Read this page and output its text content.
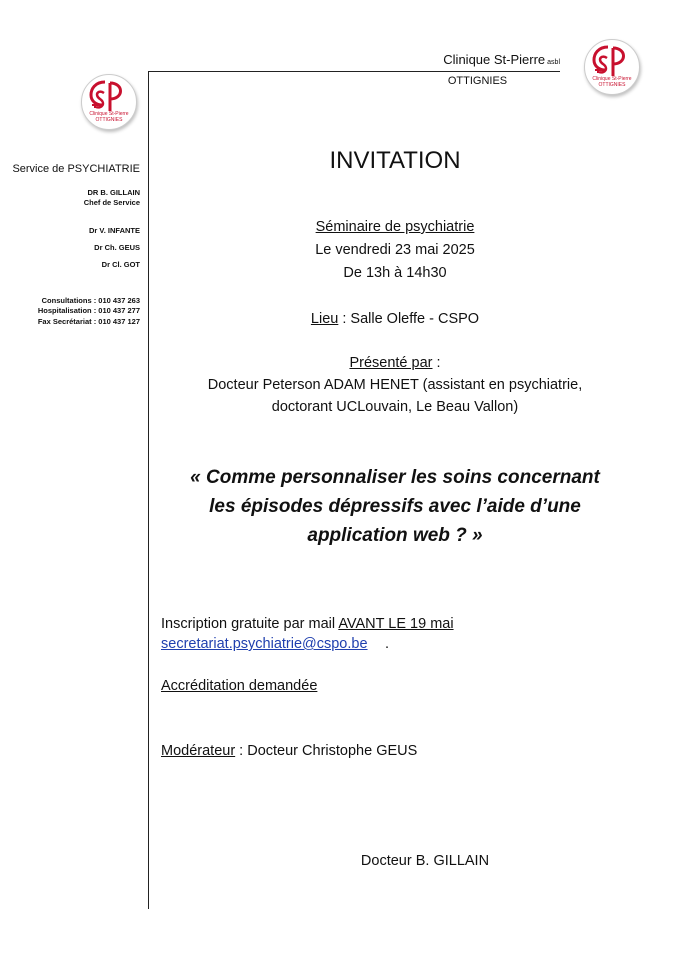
Clinique St-Pierre asbl
OTTIGNIES
Clinique St-Pierre
OTTIGNIES
Clinique St-Pierre
OTTIGNIES
Service de PSYCHIATRIE
DR B. GILLAIN
Chef de Service
Dr V. INFANTE
Dr Ch. GEUS
Dr Cl. GOT
Consultations : 010 437 263
Hospitalisation : 010 437 277
Fax Secrétariat : 010 437 127
INVITATION
Séminaire de psychiatrie
Le vendredi 23 mai 2025
De 13h à 14h30
Lieu : Salle Oleffe - CSPO
Présenté par :
Docteur Peterson ADAM HENET (assistant en psychiatrie,
doctorant UCLouvain, Le Beau Vallon)
« Comme personnaliser les soins concernant
les épisodes dépressifs avec l’aide d’une
application web ? »
Inscription gratuite par mail AVANT LE 19 mai
secretariat.psychiatrie@cspo.be .
Accréditation demandée
Modérateur : Docteur Christophe GEUS
Docteur B. GILLAIN
